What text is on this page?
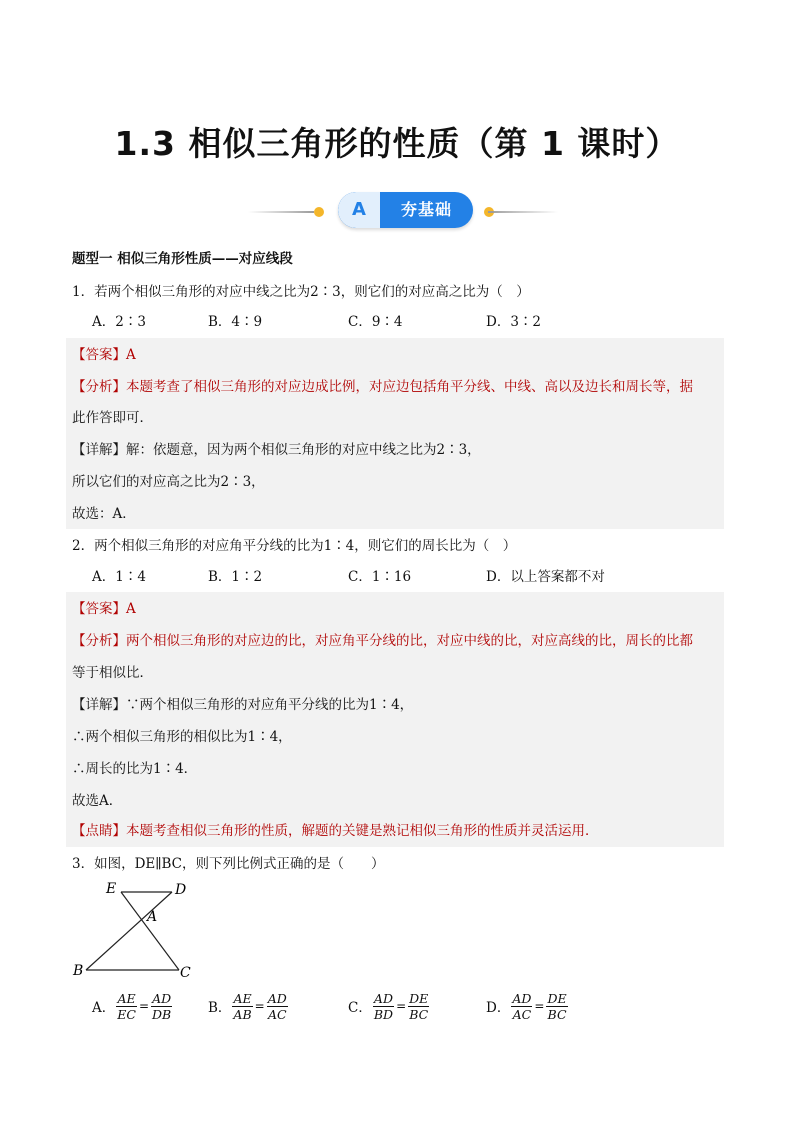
1.3 相似三角形的性质（第 1 课时）
A	夯基础
题型一 相似三角形性质——对应线段
1．若两个相似三角形的对应中线之比为2∶3，则它们的对应高之比为（　）
A．2∶3	B．4∶9	C．9∶4	D．3∶2
【答案】A
【分析】本题考查了相似三角形的对应边成比例，对应边包括角平分线、中线、高以及边长和周长等，据
此作答即可．
【详解】解：依题意，因为两个相似三角形的对应中线之比为2∶3，
所以它们的对应高之比为2∶3，
故选：A．
2．两个相似三角形的对应角平分线的比为1∶4，则它们的周长比为（　）
A．1∶4	B．1∶2	C．1∶16	D．以上答案都不对
【答案】A
【分析】两个相似三角形的对应边的比，对应角平分线的比，对应中线的比，对应高线的比，周长的比都
等于相似比．
【详解】∵两个相似三角形的对应角平分线的比为1∶4，
∴两个相似三角形的相似比为1∶4，
∴周长的比为1∶4．
故选A．
【点睛】本题考查相似三角形的性质，解题的关键是熟记相似三角形的性质并灵活运用．
3．如图，DE∥BC，则下列比例式正确的是（　　）
E	D
A
B	C
A． $\frac{AE}{EC} = \frac{AD}{DB}$	B． $\frac{AE}{AB} = \frac{AD}{AC}$	C． $\frac{AD}{BD} = \frac{DE}{BC}$	D． $\frac{AD}{AC} = \frac{DE}{BC}$
